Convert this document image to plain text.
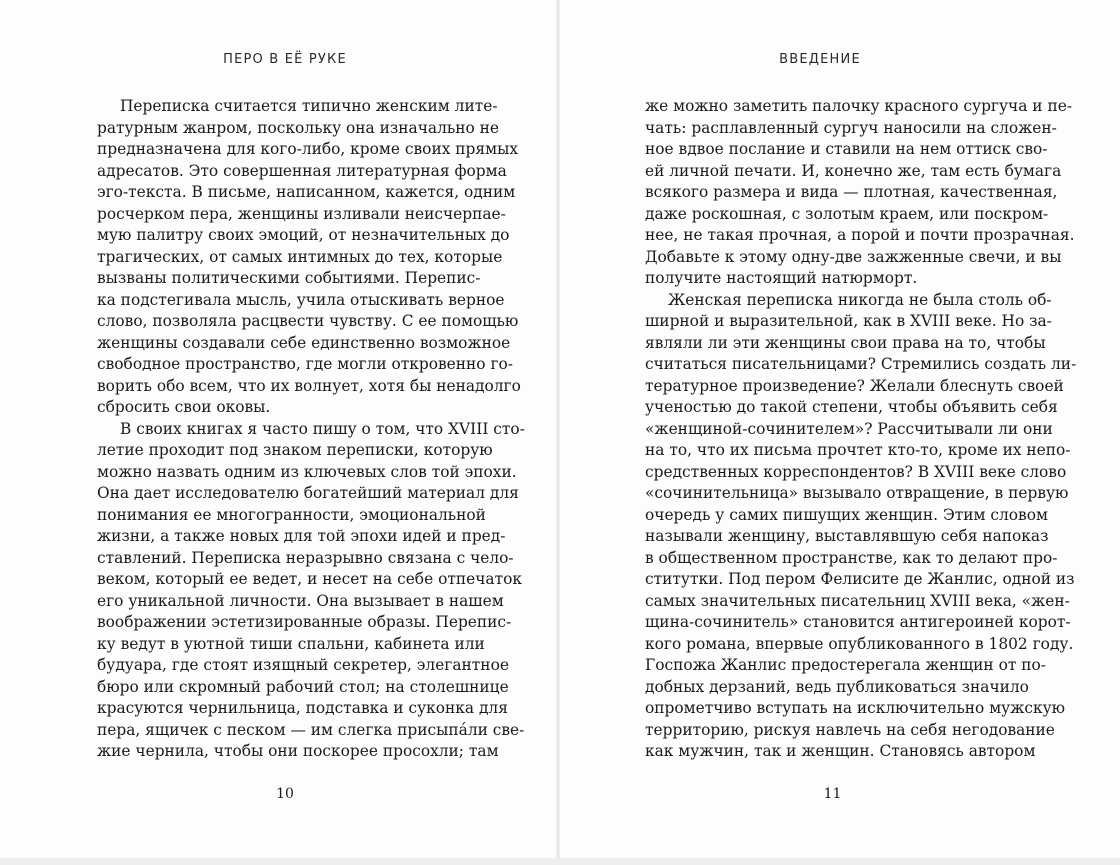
ПЕРО В ЕЁ РУКЕ
Переписка считается типично женским лите-
ратурным жанром, поскольку она изначально не
предназначена для кого-либо, кроме своих прямых
адресатов. Это совершенная литературная форма
эго-текста. В письме, написанном, кажется, одним
росчерком пера, женщины изливали неисчерпае-
мую палитру своих эмоций, от незначительных до
трагических, от самых интимных до тех, которые
вызваны политическими событиями. Перепис-
ка подстегивала мысль, учила отыскивать верное
слово, позволяла расцвести чувству. С ее помощью
женщины создавали себе единственно возможное
свободное пространство, где могли откровенно го-
ворить обо всем, что их волнует, хотя бы ненадолго
сбросить свои оковы.
В своих книгах я часто пишу о том, что XVIII сто-
летие проходит под знаком переписки, которую
можно назвать одним из ключевых слов той эпохи.
Она дает исследователю богатейший материал для
понимания ее многогранности, эмоциональной
жизни, а также новых для той эпохи идей и пред-
ставлений. Переписка неразрывно связана с чело-
веком, который ее ведет, и несет на себе отпечаток
его уникальной личности. Она вызывает в нашем
воображении эстетизированные образы. Перепис-
ку ведут в уютной тиши спальни, кабинета или
будуара, где стоят изящный секретер, элегантное
бюро или скромный рабочий стол; на столешнице
красуются чернильница, подставка и суконка для
пера, ящичек с песком — им слегка присыпáли све-
жие чернила, чтобы они поскорее просохли; там
10
ВВЕДЕНИЕ
же можно заметить палочку красного сургуча и пе-
чать: расплавленный сургуч наносили на сложен-
ное вдвое послание и ставили на нем оттиск сво-
ей личной печати. И, конечно же, там есть бумага
всякого размера и вида — плотная, качественная,
даже роскошная, с золотым краем, или поскром-
нее, не такая прочная, а порой и почти прозрачная.
Добавьте к этому одну-две зажженные свечи, и вы
получите настоящий натюрморт.
Женская переписка никогда не была столь об-
ширной и выразительной, как в XVIII веке. Но за-
являли ли эти женщины свои права на то, чтобы
считаться писательницами? Стремились создать ли-
тературное произведение? Желали блеснуть своей
ученостью до такой степени, чтобы объявить себя
«женщиной-сочинителем»? Рассчитывали ли они
на то, что их письма прочтет кто-то, кроме их непо-
средственных корреспондентов? В XVIII веке слово
«сочинительница» вызывало отвращение, в первую
очередь у самих пишущих женщин. Этим словом
называли женщину, выставлявшую себя напоказ
в общественном пространстве, как то делают про-
ститутки. Под пером Фелисите де Жанлис, одной из
самых значительных писательниц XVIII века, «жен-
щина-сочинитель» становится антигероиней корот-
кого романа, впервые опубликованного в 1802 году.
Госпожа Жанлис предостерегала женщин от по-
добных дерзаний, ведь публиковаться значило
опрометчиво вступать на исключительно мужскую
территорию, рискуя навлечь на себя негодование
как мужчин, так и женщин. Становясь автором
11
